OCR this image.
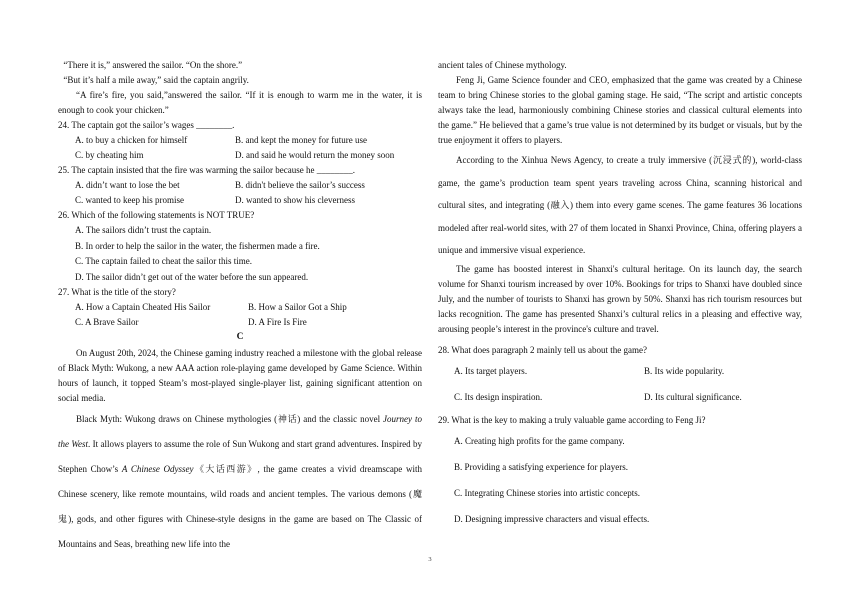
“There it is,” answered the sailor. “On the shore.”

“But it’s half a mile away,” said the captain angrily.

“A fire’s fire, you said,”answered the sailor. “If it is enough to warm me in the water, it is enough to cook your chicken.”

24. The captain got the sailor’s wages ________.

A. to buy a chicken for himself	B. and kept the money for future use
C. by cheating him	D. and said he would return the money soon

25. The captain insisted that the fire was warming the sailor because he ________.

A. didn’t want to lose the bet	B. didn't believe the sailor’s success
C. wanted to keep his promise	D. wanted to show his cleverness

26. Which of the following statements is NOT TRUE?

A. The sailors didn’t trust the captain.
B. In order to help the sailor in the water, the fishermen made a fire.
C. The captain failed to cheat the sailor this time.
D. The sailor didn’t get out of the water before the sun appeared.

27. What is the title of the story?

A. How a Captain Cheated His Sailor	B. How a Sailor Got a Ship
C. A Brave Sailor	D. A Fire Is Fire

C

On August 20th, 2024, the Chinese gaming industry reached a milestone with the global release of Black Myth: Wukong, a new AAA action role-playing game developed by Game Science. Within hours of launch, it topped Steam’s most-played single-player list, gaining significant attention on social media.

Black Myth: Wukong draws on Chinese mythologies (神话) and the classic novel Journey to the West. It allows players to assume the role of Sun Wukong and start grand adventures. Inspired by Stephen Chow’s A Chinese Odyssey《大话西游》, the game creates a vivid dreamscape with Chinese scenery, like remote mountains, wild roads and ancient temples. The various demons (魔鬼), gods, and other figures with Chinese-style designs in the game are based on The Classic of Mountains and Seas, breathing new life into the

ancient tales of Chinese mythology.

Feng Ji, Game Science founder and CEO, emphasized that the game was created by a Chinese team to bring Chinese stories to the global gaming stage. He said, “The script and artistic concepts always take the lead, harmoniously combining Chinese stories and classical cultural elements into the game.” He believed that a game’s true value is not determined by its budget or visuals, but by the true enjoyment it offers to players.

According to the Xinhua News Agency, to create a truly immersive (沉浸式的), world-class game, the game’s production team spent years traveling across China, scanning historical and cultural sites, and integrating (融入) them into every game scenes. The game features 36 locations modeled after real-world sites, with 27 of them located in Shanxi Province, China, offering players a unique and immersive visual experience.

The game has boosted interest in Shanxi's cultural heritage. On its launch day, the search volume for Shanxi tourism increased by over 10%. Bookings for trips to Shanxi have doubled since July, and the number of tourists to Shanxi has grown by 50%. Shanxi has rich tourism resources but lacks recognition. The game has presented Shanxi’s cultural relics in a pleasing and effective way, arousing people’s interest in the province's culture and travel.

28. What does paragraph 2 mainly tell us about the game?

A. Its target players.	B. Its wide popularity.
C. Its design inspiration.	D. Its cultural significance.

29. What is the key to making a truly valuable game according to Feng Ji?

A. Creating high profits for the game company.
B. Providing a satisfying experience for players.
C. Integrating Chinese stories into artistic concepts.
D. Designing impressive characters and visual effects.
3
